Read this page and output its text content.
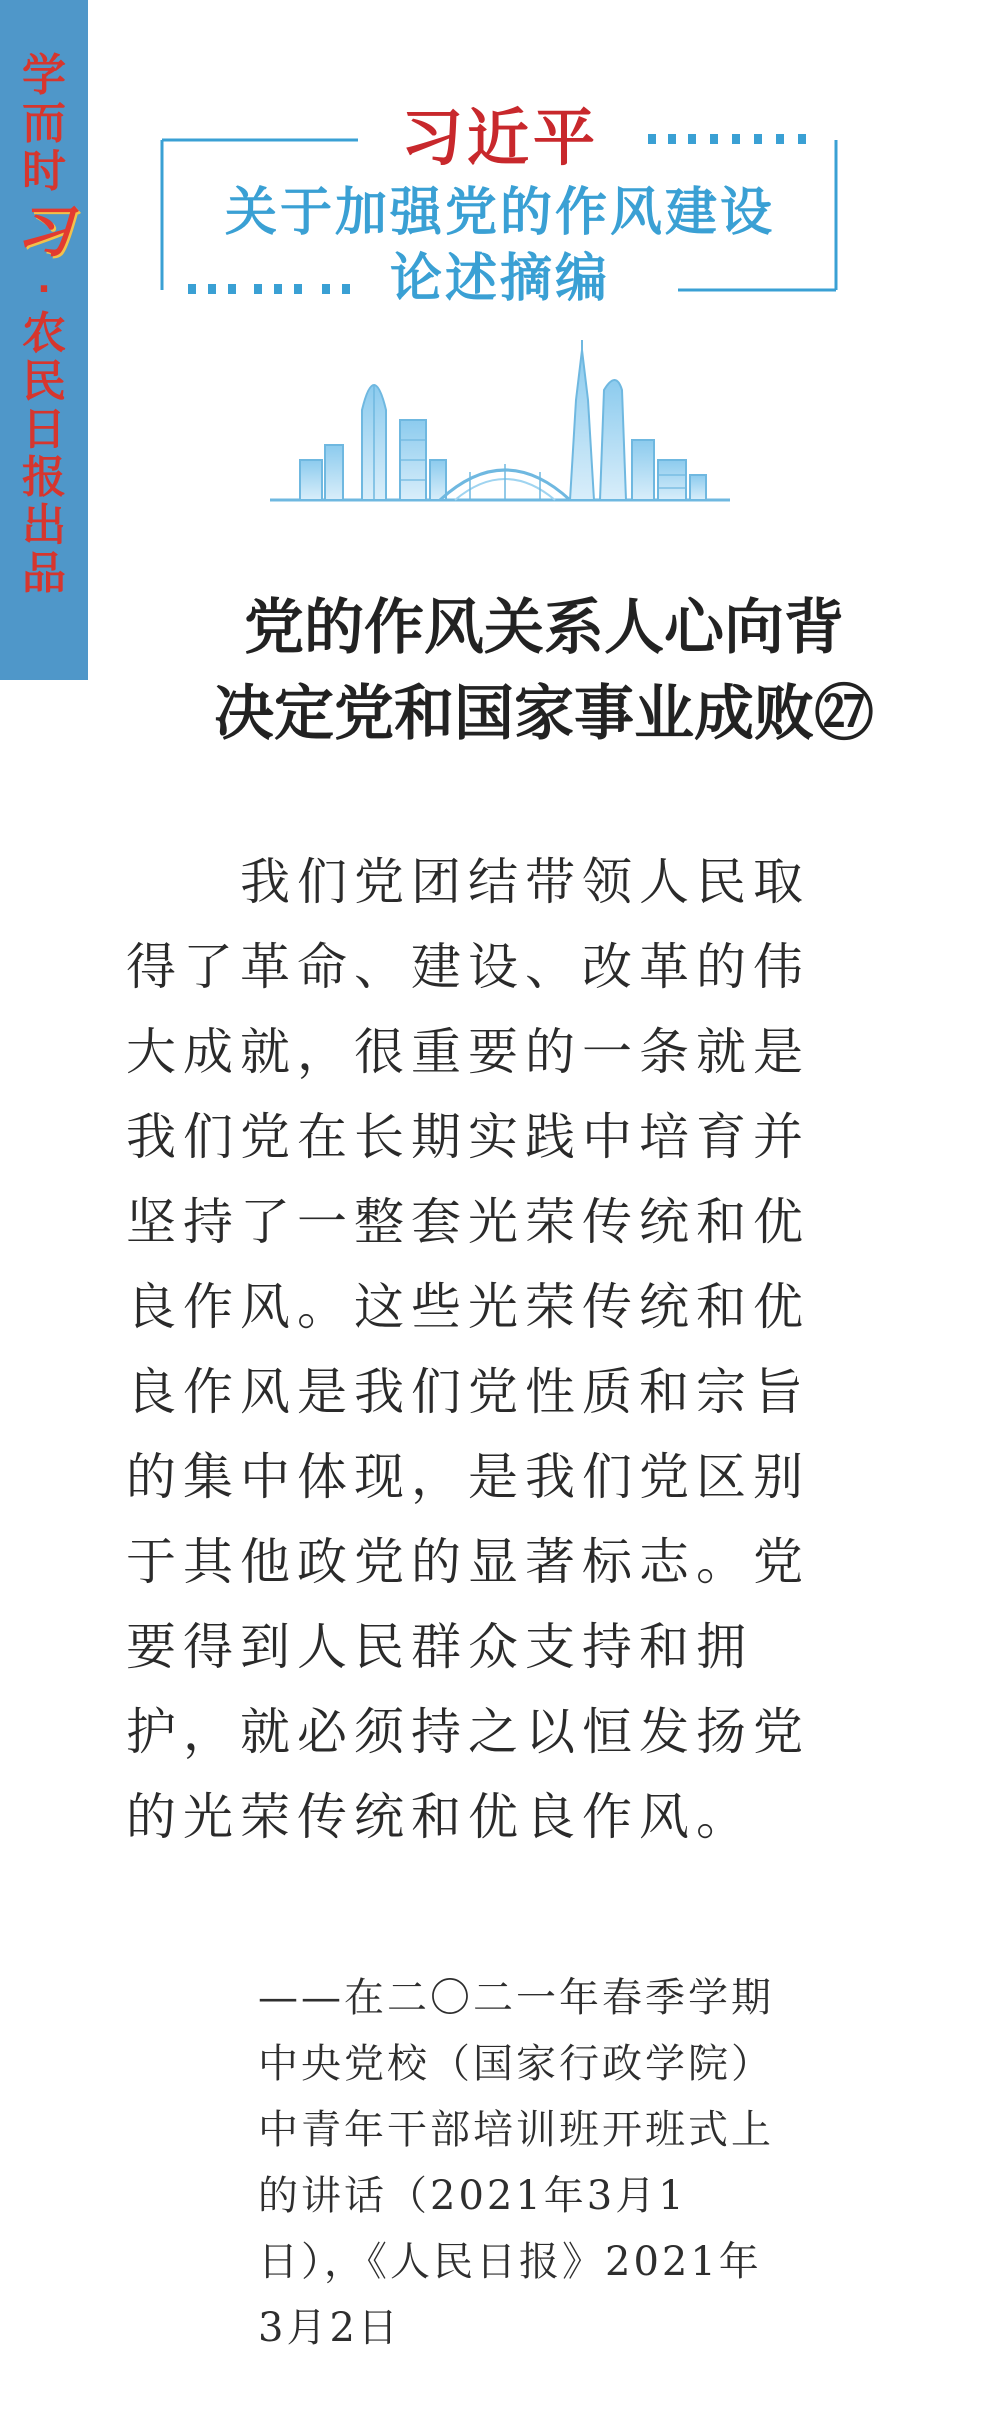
学
而
时
习
·
农
民
日
报
出
品
习近平
关于加强党的作风建设
论述摘编
党的作风关系人心向背
决定党和国家事业成败㉗
　　我们党团结带领人民取
得了革命、建设、改革的伟
大成就，很重要的一条就是
我们党在长期实践中培育并
坚持了一整套光荣传统和优
良作风。这些光荣传统和优
良作风是我们党性质和宗旨
的集中体现，是我们党区别
于其他政党的显著标志。党
要得到人民群众支持和拥
护，就必须持之以恒发扬党
的光荣传统和优良作风。
——在二〇二一年春季学期
中央党校（国家行政学院）
中青年干部培训班开班式上
的讲话（2021年3月1
日），《人民日报》2021年
3月2日
